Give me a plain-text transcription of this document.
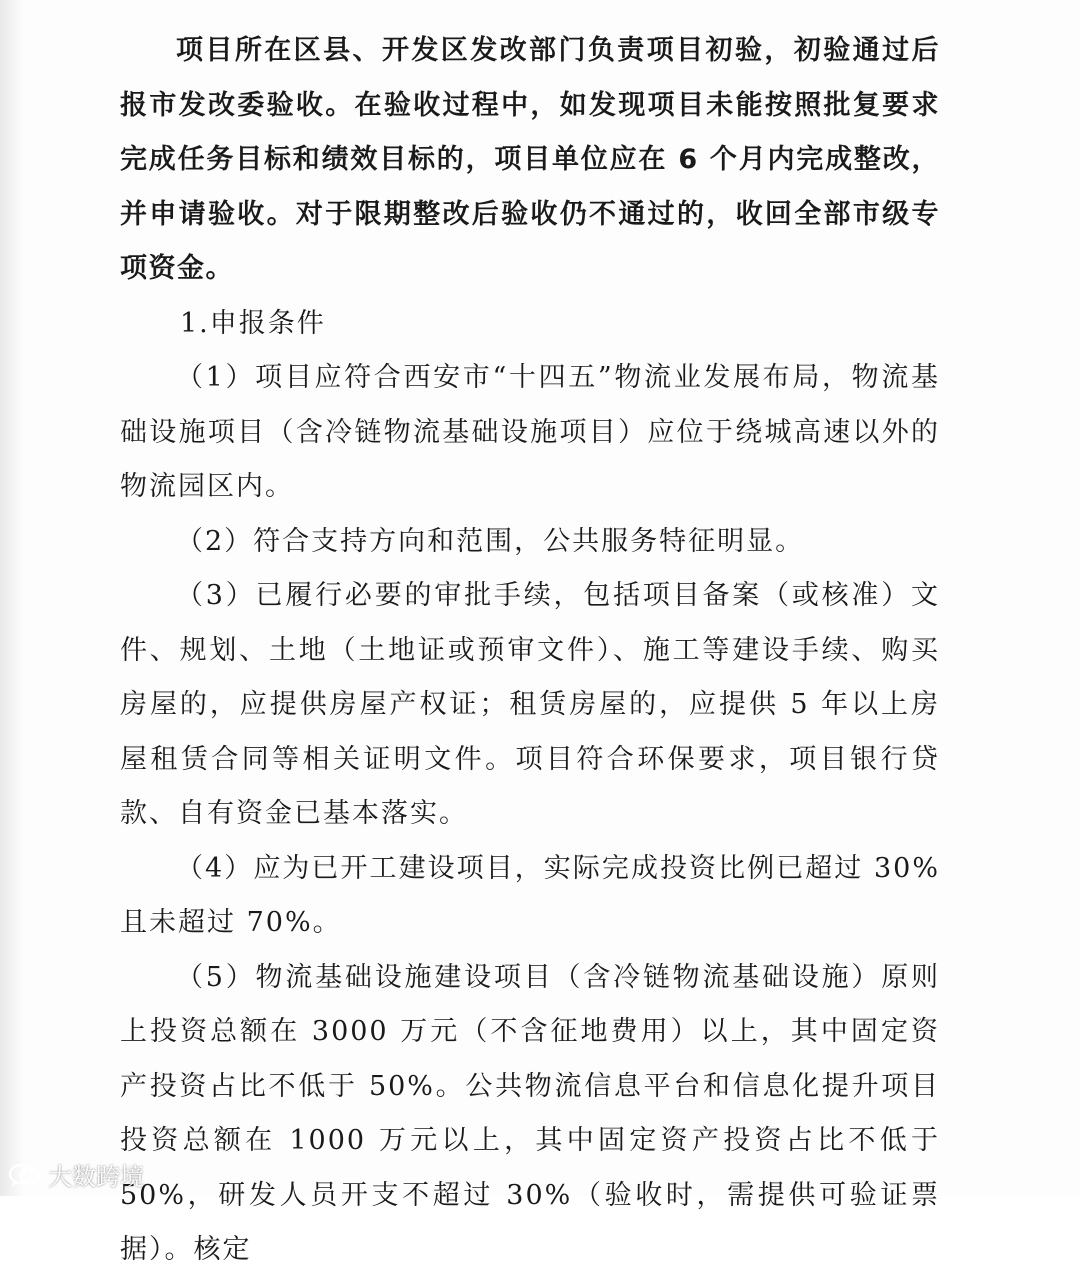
项目所在区县、开发区发改部门负责项目初验，初验通过后报市发改委验收。在验收过程中，如发现项目未能按照批复要求完成任务目标和绩效目标的，项目单位应在 6 个月内完成整改，并申请验收。对于限期整改后验收仍不通过的，收回全部市级专项资金。

1.申报条件

（1）项目应符合西安市“十四五”物流业发展布局，物流基础设施项目（含冷链物流基础设施项目）应位于绕城高速以外的物流园区内。

（2）符合支持方向和范围，公共服务特征明显。

（3）已履行必要的审批手续，包括项目备案（或核准）文件、规划、土地（土地证或预审文件）、施工等建设手续、购买房屋的，应提供房屋产权证；租赁房屋的，应提供 5 年以上房屋租赁合同等相关证明文件。项目符合环保要求，项目银行贷款、自有资金已基本落实。

（4）应为已开工建设项目，实际完成投资比例已超过 30%且未超过 70%。

（5）物流基础设施建设项目（含冷链物流基础设施）原则上投资总额在 3000 万元（不含征地费用）以上，其中固定资产投资占比不低于 50%。公共物流信息平台和信息化提升项目投资总额在 1000 万元以上，其中固定资产投资占比不低于 50%，研发人员开支不超过 30%（验收时，需提供可验证票据）。核定

大数跨境
